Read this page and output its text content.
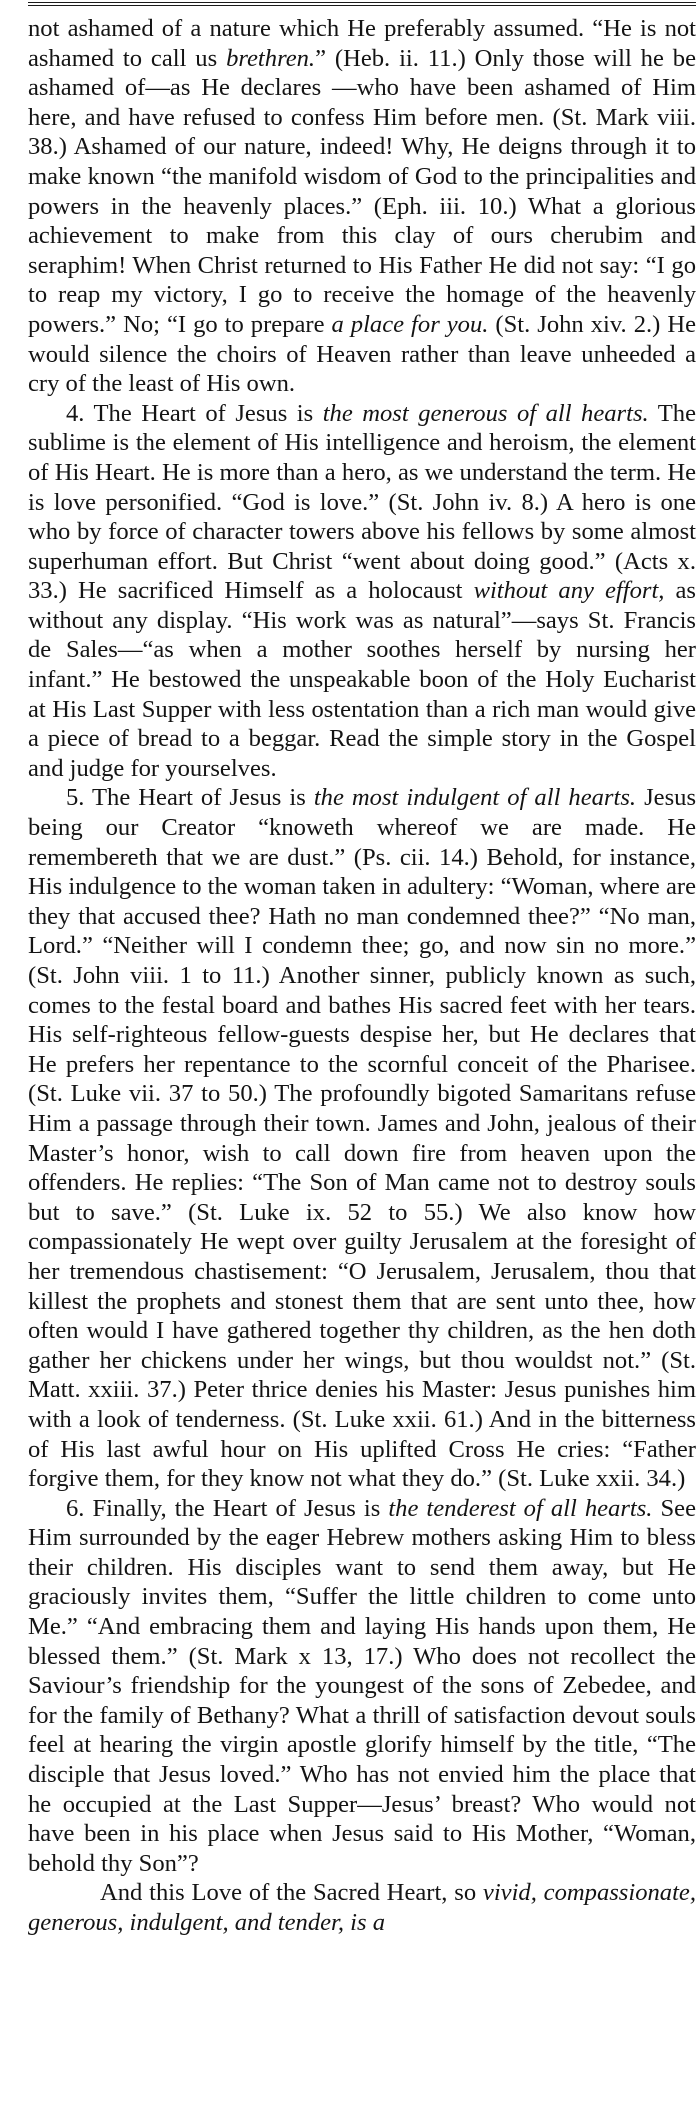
not ashamed of a nature which He preferably assumed. “He is not ashamed to call us brethren.” (Heb. ii. 11.) Only those will he be ashamed of—as He declares —who have been ashamed of Him here, and have refused to confess Him before men. (St. Mark viii. 38.) Ashamed of our nature, indeed! Why, He deigns through it to make known “the manifold wisdom of God to the principalities and powers in the heavenly places.” (Eph. iii. 10.) What a glorious achievement to make from this clay of ours cherubim and seraphim! When Christ returned to His Father He did not say: “I go to reap my victory, I go to receive the homage of the heavenly powers.” No; “I go to prepare a place for you. (St. John xiv. 2.) He would silence the choirs of Heaven rather than leave unheeded a cry of the least of His own.

4. The Heart of Jesus is the most generous of all hearts. The sublime is the element of His intelligence and heroism, the element of His Heart. He is more than a hero, as we understand the term. He is love personified. “God is love.” (St. John iv. 8.) A hero is one who by force of character towers above his fellows by some almost superhuman effort. But Christ “went about doing good.” (Acts x. 33.) He sacrificed Himself as a holocaust without any effort, as without any display. “His work was as natural”—says St. Francis de Sales—“as when a mother soothes herself by nursing her infant.” He bestowed the unspeakable boon of the Holy Eucharist at His Last Supper with less ostentation than a rich man would give a piece of bread to a beggar. Read the simple story in the Gospel and judge for yourselves.

5. The Heart of Jesus is the most indulgent of all hearts. Jesus being our Creator “knoweth whereof we are made. He remembereth that we are dust.” (Ps. cii. 14.) Behold, for instance, His indulgence to the woman taken in adultery: “Woman, where are they that accused thee? Hath no man condemned thee?” “No man, Lord.” “Neither will I condemn thee; go, and now sin no more.” (St. John viii. 1 to 11.) Another sinner, publicly known as such, comes to the festal board and bathes His sacred feet with her tears. His self-righteous fellow-guests despise her, but He declares that He prefers her repentance to the scornful conceit of the Pharisee. (St. Luke vii. 37 to 50.) The profoundly bigoted Samaritans refuse Him a passage through their town. James and John, jealous of their Master’s honor, wish to call down fire from heaven upon the offenders. He replies: “The Son of Man came not to destroy souls but to save.” (St. Luke ix. 52 to 55.) We also know how compassionately He wept over guilty Jerusalem at the foresight of her tremendous chastisement: “O Jerusalem, Jerusalem, thou that killest the prophets and stonest them that are sent unto thee, how often would I have gathered together thy children, as the hen doth gather her chickens under her wings, but thou wouldst not.” (St. Matt. xxiii. 37.) Peter thrice denies his Master: Jesus punishes him with a look of tenderness. (St. Luke xxii. 61.) And in the bitterness of His last awful hour on His uplifted Cross He cries: “Father forgive them, for they know not what they do.” (St. Luke xxii. 34.)

6. Finally, the Heart of Jesus is the tenderest of all hearts. See Him surrounded by the eager Hebrew mothers asking Him to bless their children. His disciples want to send them away, but He graciously invites them, “Suffer the little children to come unto Me.” “And embracing them and laying His hands upon them, He blessed them.” (St. Mark x 13, 17.) Who does not recollect the Saviour’s friendship for the youngest of the sons of Zebedee, and for the family of Bethany? What a thrill of satisfaction devout souls feel at hearing the virgin apostle glorify himself by the title, “The disciple that Jesus loved.” Who has not envied him the place that he occupied at the Last Supper—Jesus’ breast? Who would not have been in his place when Jesus said to His Mother, “Woman, behold thy Son”?

And this Love of the Sacred Heart, so vivid, compassionate, generous, indulgent, and tender, is a
